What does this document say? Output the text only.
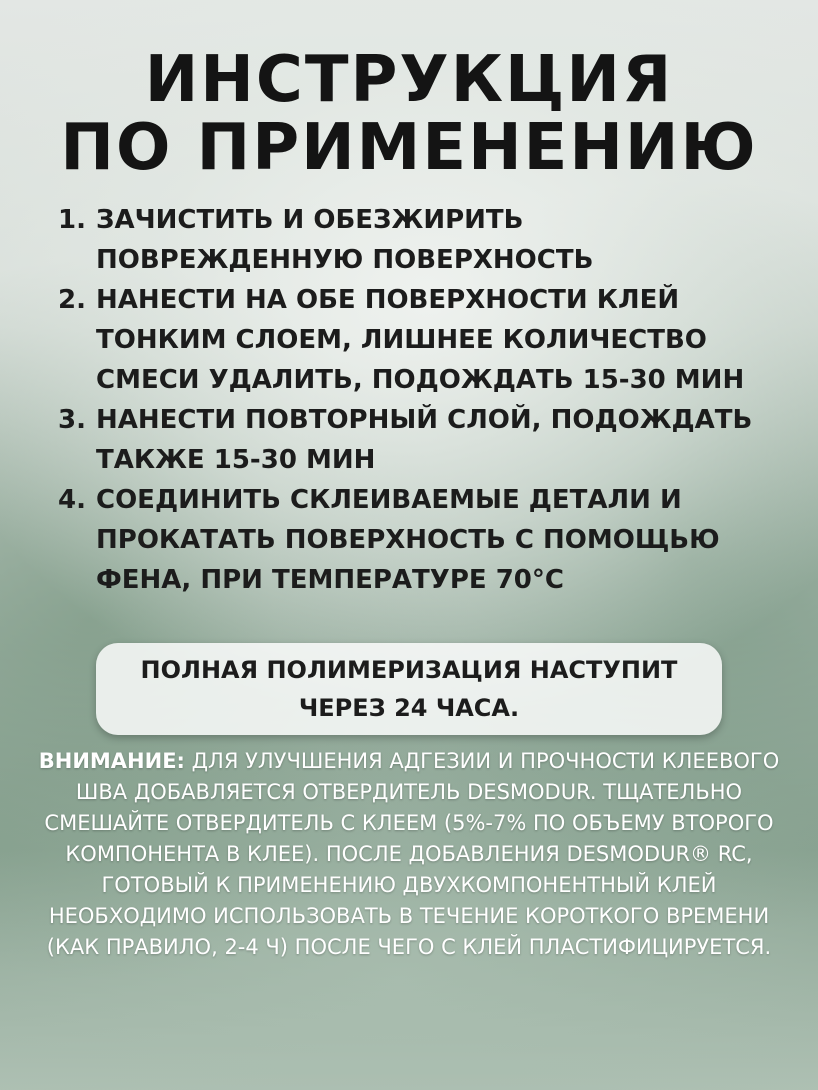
ИНСТРУКЦИЯ
ПО ПРИМЕНЕНИЮ
1. ЗАЧИСТИТЬ И ОБЕЗЖИРИТЬ ПОВРЕЖДЕННУЮ ПОВЕРХНОСТЬ
2. НАНЕСТИ НА ОБЕ ПОВЕРХНОСТИ КЛЕЙ ТОНКИМ СЛОЕМ, ЛИШНЕЕ КОЛИЧЕСТВО СМЕСИ УДАЛИТЬ, ПОДОЖДАТЬ 15-30 МИН
3. НАНЕСТИ ПОВТОРНЫЙ СЛОЙ, ПОДОЖДАТЬ ТАКЖЕ 15-30 МИН
4. СОЕДИНИТЬ СКЛЕИВАЕМЫЕ ДЕТАЛИ И ПРОКАТАТЬ ПОВЕРХНОСТЬ С ПОМОЩЬЮ ФЕНА, ПРИ ТЕМПЕРАТУРЕ 70°С
ПОЛНАЯ ПОЛИМЕРИЗАЦИЯ НАСТУПИТ ЧЕРЕЗ 24 ЧАСА.
ВНИМАНИЕ: ДЛЯ УЛУЧШЕНИЯ АДГЕЗИИ И ПРОЧНОСТИ КЛЕЕВОГО ШВА ДОБАВЛЯЕТСЯ ОТВЕРДИТЕЛЬ DESMODUR. ТЩАТЕЛЬНО СМЕШАЙТЕ ОТВЕРДИТЕЛЬ С КЛЕЕМ (5%-7% ПО ОБЪЕМУ ВТОРОГО КОМПОНЕНТА В КЛЕЕ). ПОСЛЕ ДОБАВЛЕНИЯ DESMODUR® RC, ГОТОВЫЙ К ПРИМЕНЕНИЮ ДВУХКОМПОНЕНТНЫЙ КЛЕЙ НЕОБХОДИМО ИСПОЛЬЗОВАТЬ В ТЕЧЕНИЕ КОРОТКОГО ВРЕМЕНИ (КАК ПРАВИЛО, 2-4 Ч) ПОСЛЕ ЧЕГО С КЛЕЙ ПЛАСТИФИЦИРУЕТСЯ.
